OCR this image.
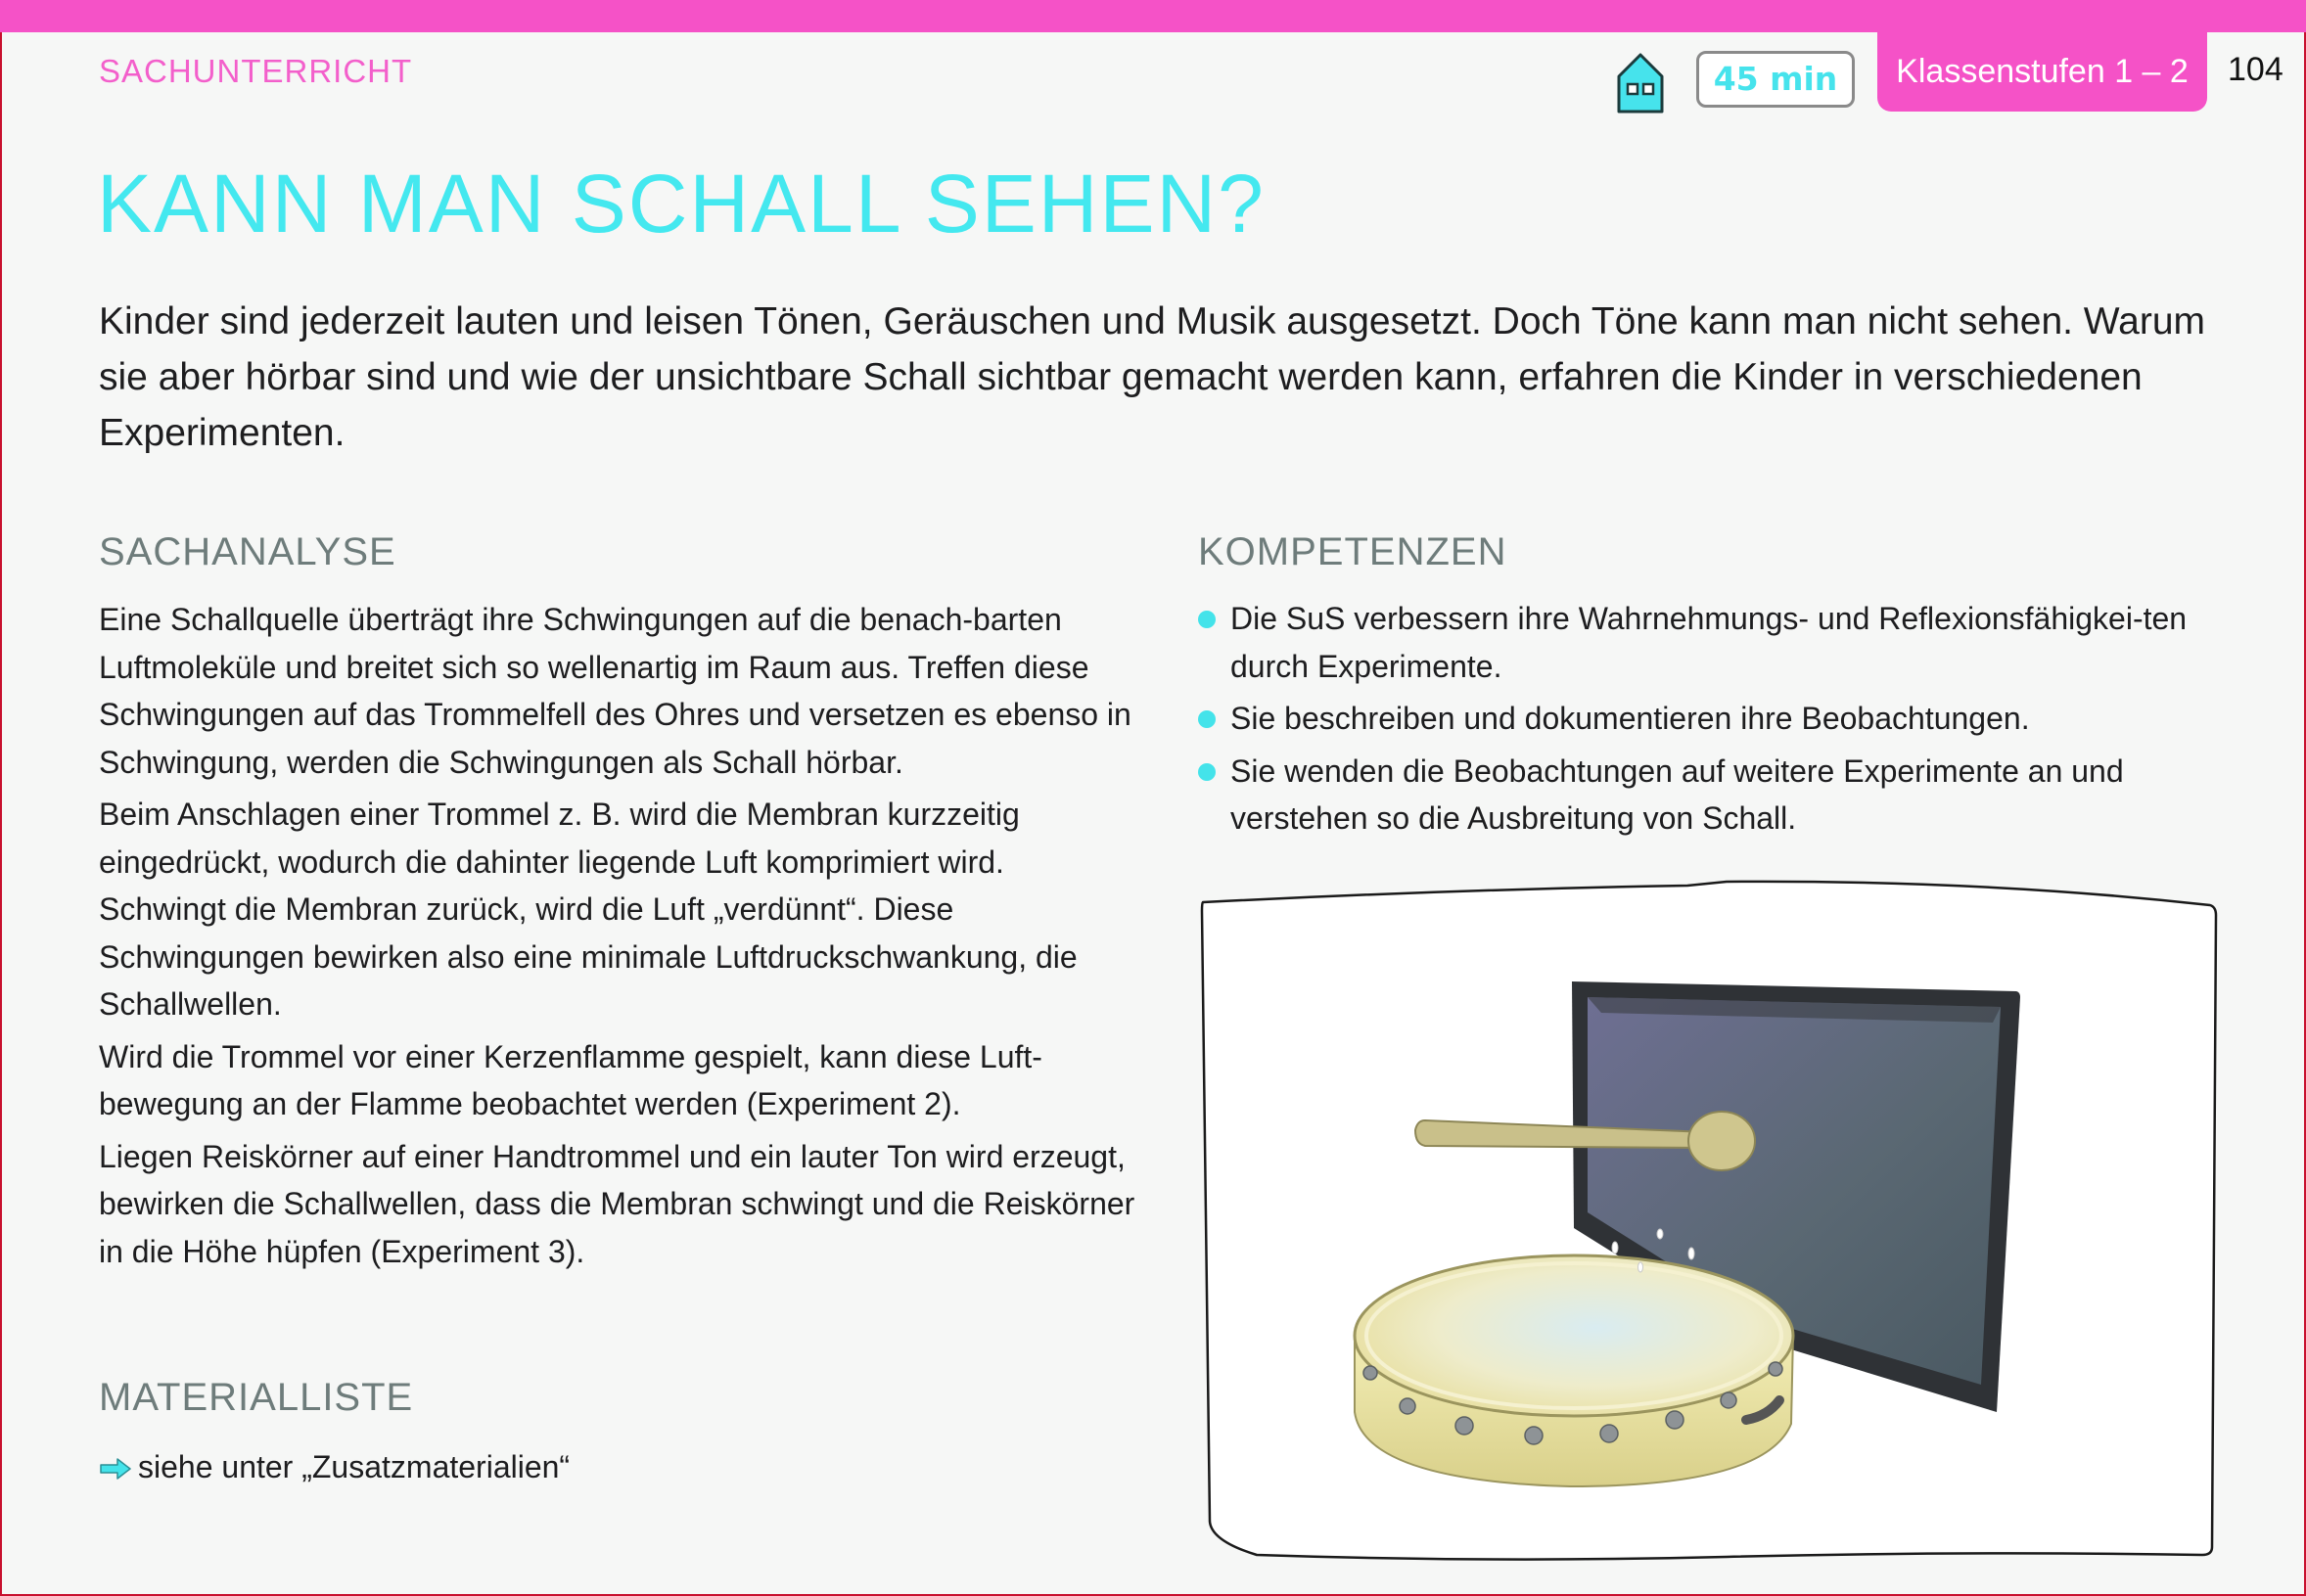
SACHUNTERRICHT	45 min	Klassenstufen 1 – 2	104
KANN MAN SCHALL SEHEN?

Kinder sind jederzeit lauten und leisen Tönen, Geräuschen und Musik ausgesetzt. Doch Töne kann man nicht sehen. Warum sie aber hörbar sind und wie der unsichtbare Schall sichtbar gemacht werden kann, erfahren die Kinder in verschiedenen Experimenten.

SACHANALYSE

Eine Schallquelle überträgt ihre Schwingungen auf die benach-barten Luftmoleküle und breitet sich so wellenartig im Raum aus. Treffen diese Schwingungen auf das Trommelfell des Ohres und versetzen es ebenso in Schwingung, werden die Schwingungen als Schall hörbar.

Beim Anschlagen einer Trommel z. B. wird die Membran kurzzeitig eingedrückt, wodurch die dahinter liegende Luft komprimiert wird. Schwingt die Membran zurück, wird die Luft „verdünnt“. Diese Schwingungen bewirken also eine minimale Luftdruckschwankung, die Schallwellen.

Wird die Trommel vor einer Kerzenflamme gespielt, kann diese Luft-bewegung an der Flamme beobachtet werden (Experiment 2).

Liegen Reiskörner auf einer Handtrommel und ein lauter Ton wird erzeugt, bewirken die Schallwellen, dass die Membran schwingt und die Reiskörner in die Höhe hüpfen (Experiment 3).

MATERIALLISTE
siehe unter „Zusatzmaterialien“
KOMPETENZEN
Die SuS verbessern ihre Wahrnehmungs- und Reflexionsfähigkei-ten durch Experimente.
Sie beschreiben und dokumentieren ihre Beobachtungen.
Sie wenden die Beobachtungen auf weitere Experimente an und verstehen so die Ausbreitung von Schall.
